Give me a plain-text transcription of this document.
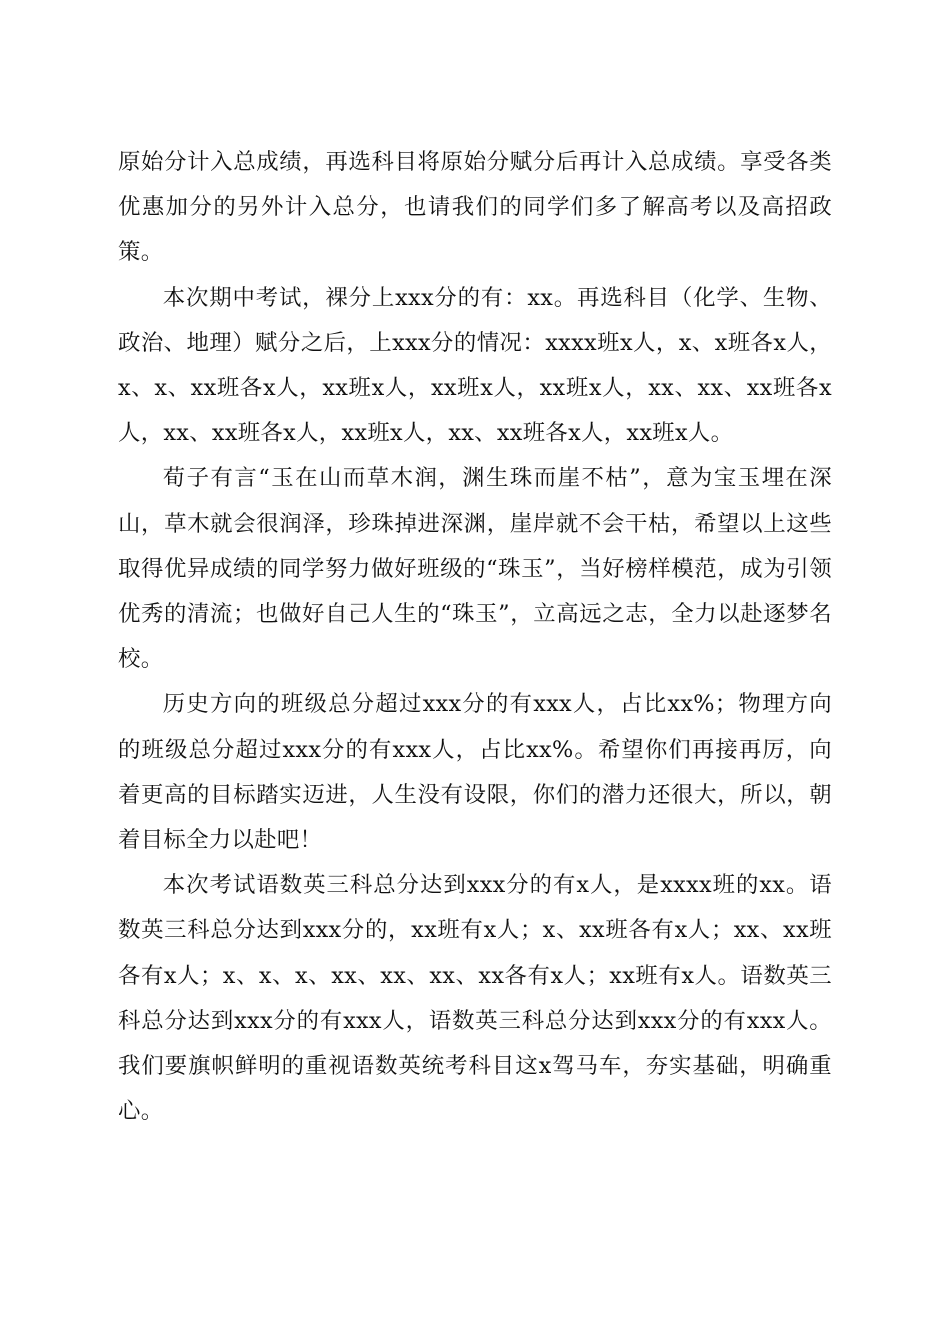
原始分计入总成绩，再选科目将原始分赋分后再计入总成绩。享受各类优惠加分的另外计入总分，也请我们的同学们多了解高考以及高招政策。

本次期中考试，裸分上xxx分的有：xx。再选科目（化学、生物、政治、地理）赋分之后，上xxx分的情况：xxxx班x人，x、x班各x人，x、x、xx班各x人，xx班x人，xx班x人，xx班x人，xx、xx、xx班各x人，xx、xx班各x人，xx班x人，xx、xx班各x人，xx班x人。

荀子有言“玉在山而草木润，渊生珠而崖不枯”，意为宝玉埋在深山，草木就会很润泽，珍珠掉进深渊，崖岸就不会干枯，希望以上这些取得优异成绩的同学努力做好班级的“珠玉”，当好榜样模范，成为引领优秀的清流；也做好自己人生的“珠玉”，立高远之志，全力以赴逐梦名校。

历史方向的班级总分超过xxx分的有xxx人，占比xx%；物理方向的班级总分超过xxx分的有xxx人，占比xx%。希望你们再接再厉，向着更高的目标踏实迈进，人生没有设限，你们的潜力还很大，所以，朝着目标全力以赴吧！

本次考试语数英三科总分达到xxx分的有x人，是xxxx班的xx。语数英三科总分达到xxx分的，xx班有x人；x、xx班各有x人；xx、xx班各有x人；x、x、x、xx、xx、xx、xx各有x人；xx班有x人。语数英三科总分达到xxx分的有xxx人，语数英三科总分达到xxx分的有xxx人。我们要旗帜鲜明的重视语数英统考科目这x驾马车，夯实基础，明确重心。
